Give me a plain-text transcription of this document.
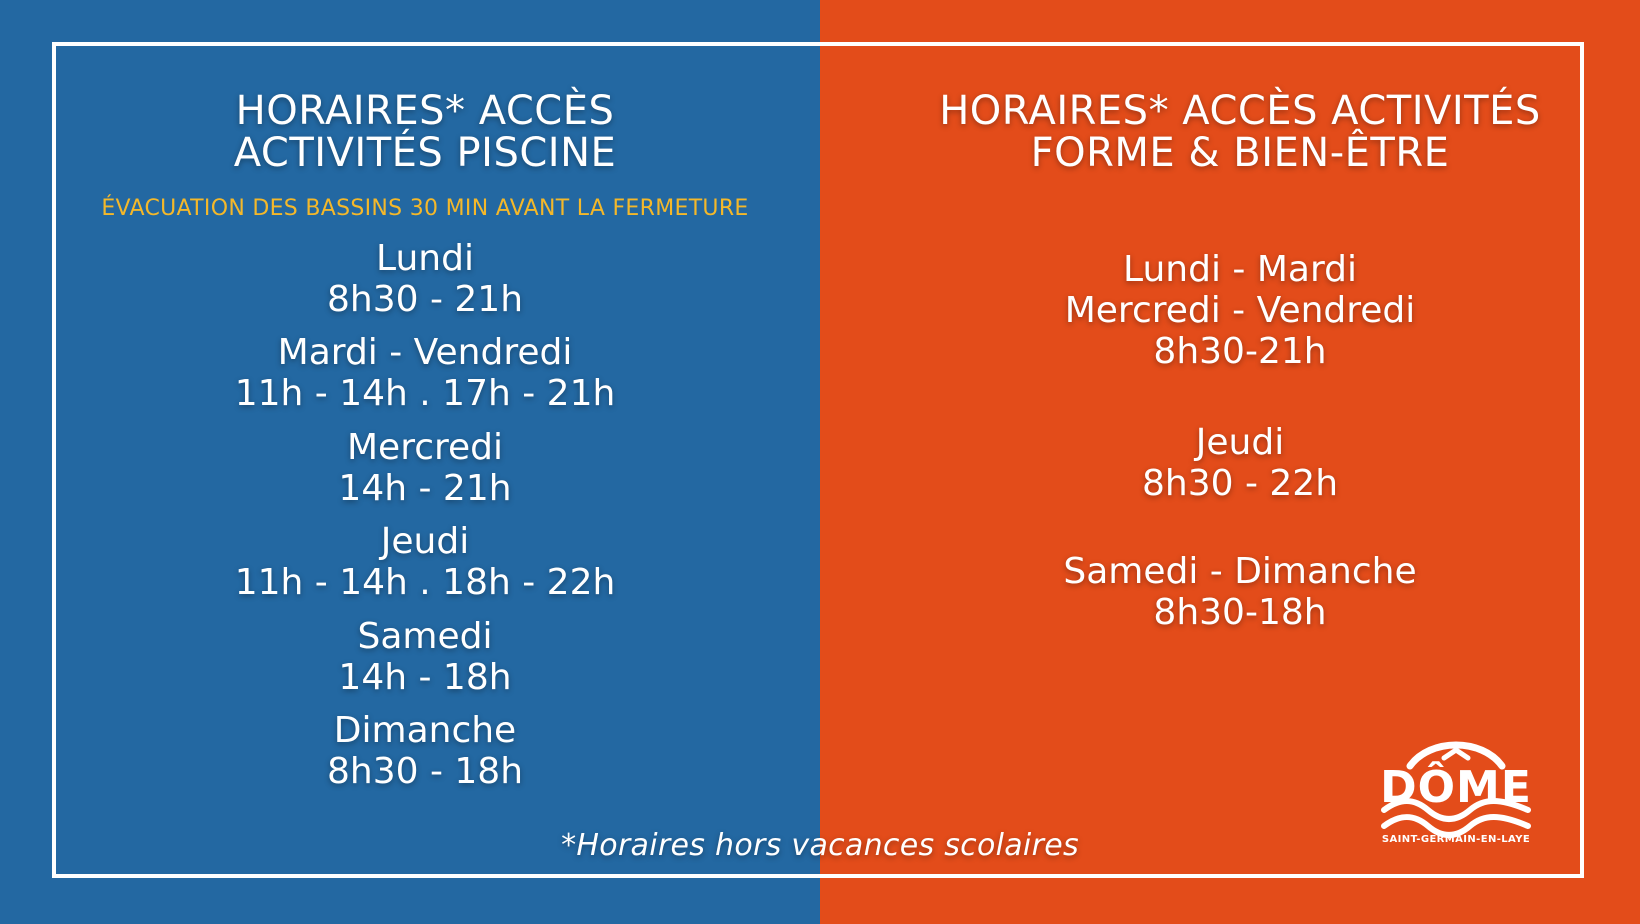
HORAIRES* ACCÈS
ACTIVITÉS PISCINE
ÉVACUATION DES BASSINS 30 MIN AVANT LA FERMETURE
Lundi
8h30 - 21h
Mardi - Vendredi
11h - 14h . 17h - 21h
Mercredi
14h - 21h
Jeudi
11h - 14h . 18h - 22h
Samedi
14h - 18h
Dimanche
8h30 - 18h
HORAIRES* ACCÈS ACTIVITÉS
FORME & BIEN-ÊTRE
Lundi - Mardi
Mercredi - Vendredi
8h30-21h
Jeudi
8h30 - 22h
Samedi - Dimanche
8h30-18h
*Horaires hors vacances scolaires
DÔME
SAINT-GERMAIN-EN-LAYE
